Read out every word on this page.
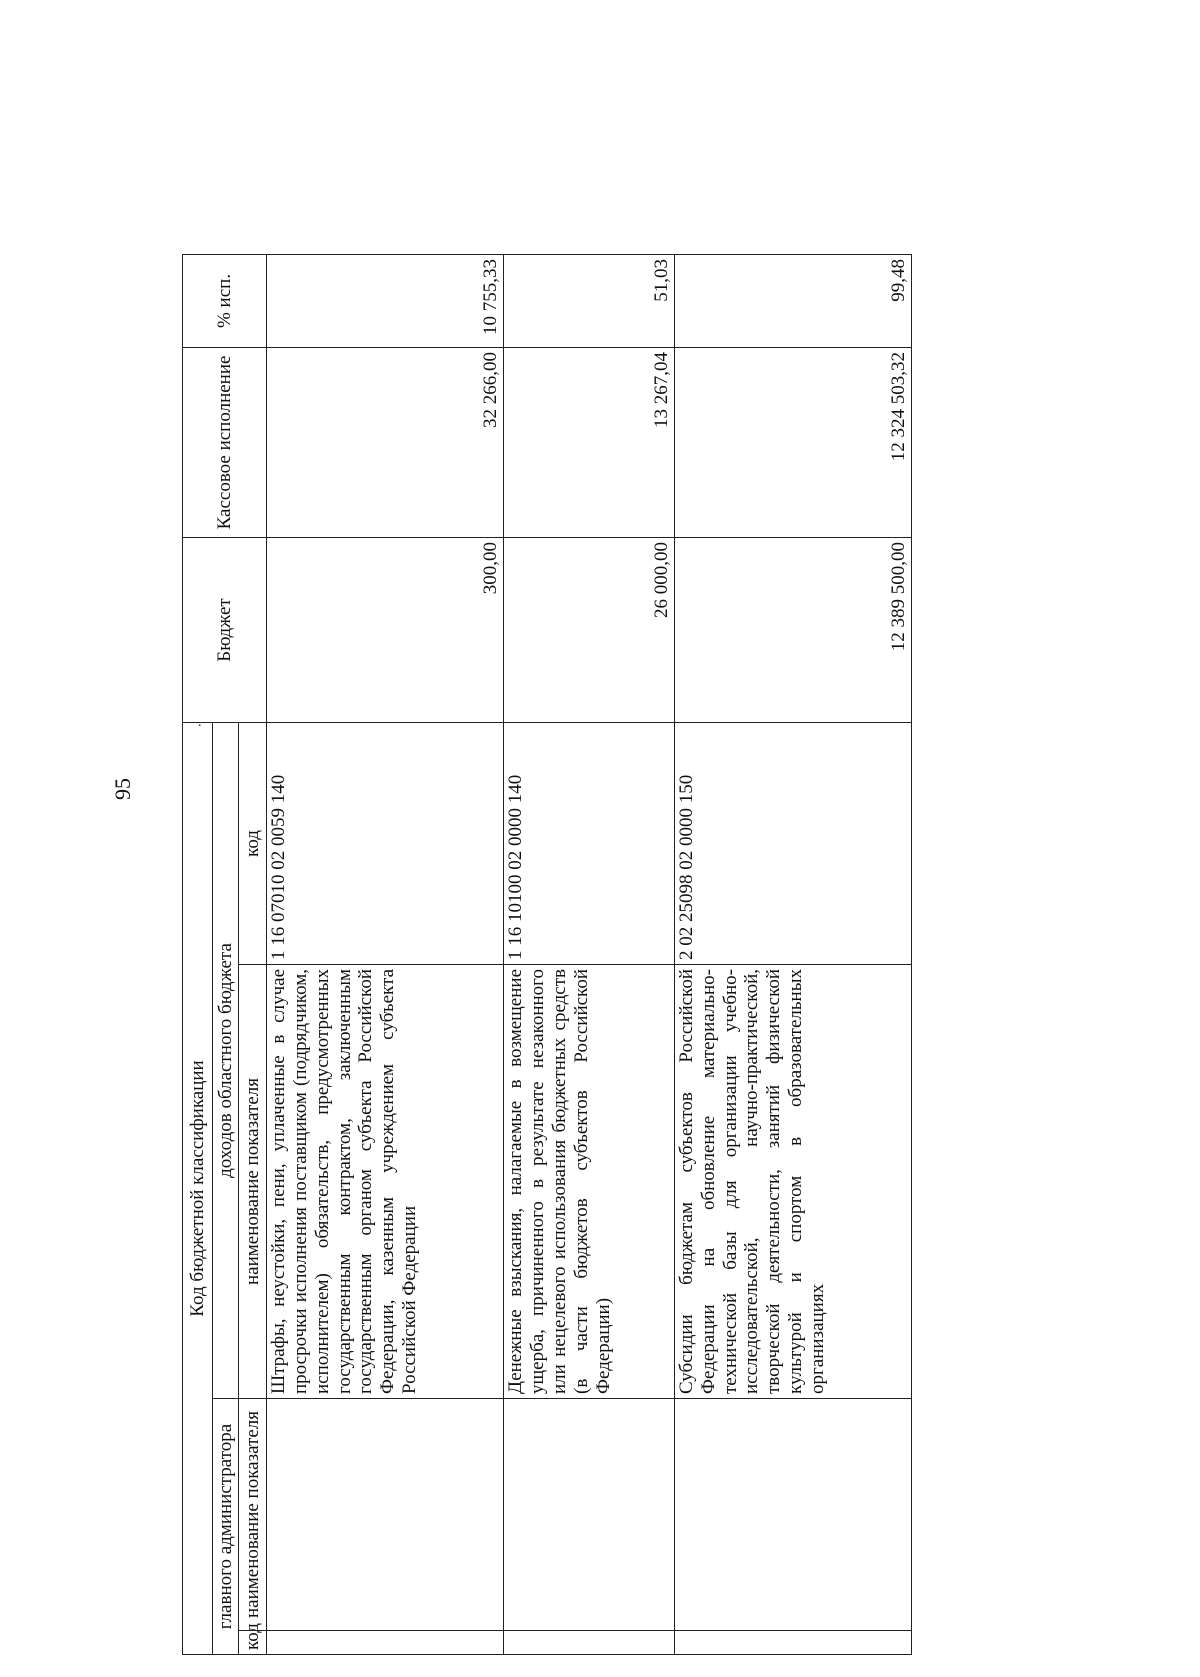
95
.
Код бюджетной классификации				Бюджет	Кассовое исполнение	% исп.
главного администратора		доходов областного бюджета				
код	наименование показателя	наименование показателя	код			
		Штрафы, неустойки, пени, уплаченные в случае просрочки исполнения поставщиком (подрядчиком, исполнителем) обязательств, предусмотренных государственным контрактом, заключенным государственным органом субъекта Российской Федерации, казенным учреждением субъекта Российской Федерации	1 16 07010 02 0059 140	300,00	32 266,00	10 755,33
		Денежные взыскания, налагаемые в возмещение ущерба, причиненного в результате незаконного или нецелевого использования бюджетных средств (в части бюджетов субъектов Российской Федерации)	1 16 10100 02 0000 140	26 000,00	13 267,04	51,03
		Субсидии бюджетам субъектов Российской Федерации на обновление материально-технической базы для организации учебно-исследовательской, научно-практической, творческой деятельности, занятий физической культурой и спортом в образовательных организациях	2 02 25098 02 0000 150	12 389 500,00	12 324 503,32	99,48
